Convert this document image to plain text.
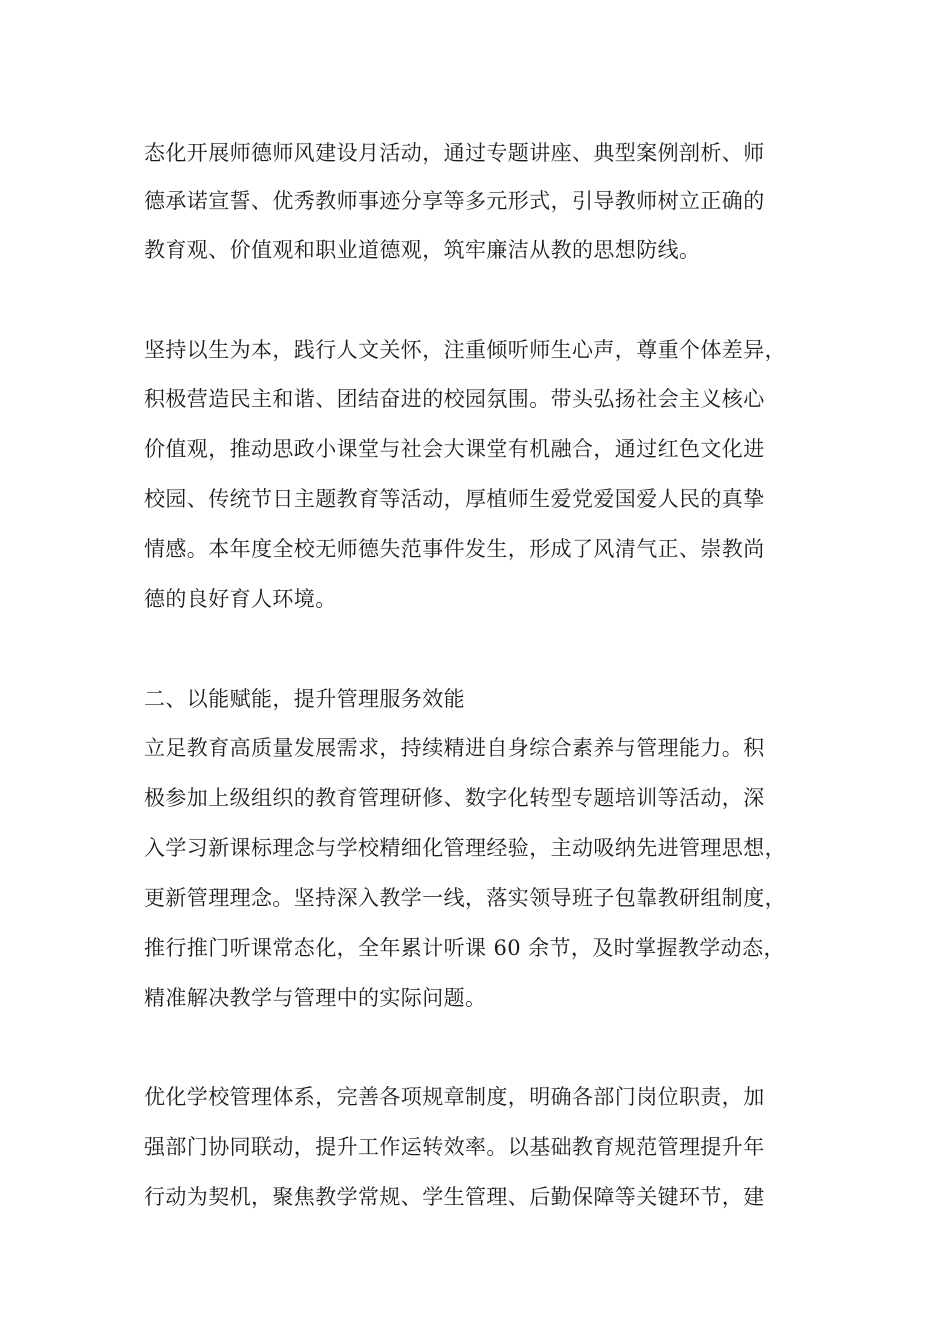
态化开展师德师风建设月活动，通过专题讲座、典型案例剖析、师

德承诺宣誓、优秀教师事迹分享等多元形式，引导教师树立正确的

教育观、价值观和职业道德观，筑牢廉洁从教的思想防线。

坚持以生为本，践行人文关怀，注重倾听师生心声，尊重个体差异，

积极营造民主和谐、团结奋进的校园氛围。带头弘扬社会主义核心

价值观，推动思政小课堂与社会大课堂有机融合，通过红色文化进

校园、传统节日主题教育等活动，厚植师生爱党爱国爱人民的真挚

情感。本年度全校无师德失范事件发生，形成了风清气正、崇教尚

德的良好育人环境。

二、以能赋能，提升管理服务效能

立足教育高质量发展需求，持续精进自身综合素养与管理能力。积

极参加上级组织的教育管理研修、数字化转型专题培训等活动，深

入学习新课标理念与学校精细化管理经验，主动吸纳先进管理思想，

更新管理理念。坚持深入教学一线，落实领导班子包靠教研组制度，

推行推门听课常态化，全年累计听课 60 余节，及时掌握教学动态，

精准解决教学与管理中的实际问题。

优化学校管理体系，完善各项规章制度，明确各部门岗位职责，加

强部门协同联动，提升工作运转效率。以基础教育规范管理提升年

行动为契机，聚焦教学常规、学生管理、后勤保障等关键环节，建
